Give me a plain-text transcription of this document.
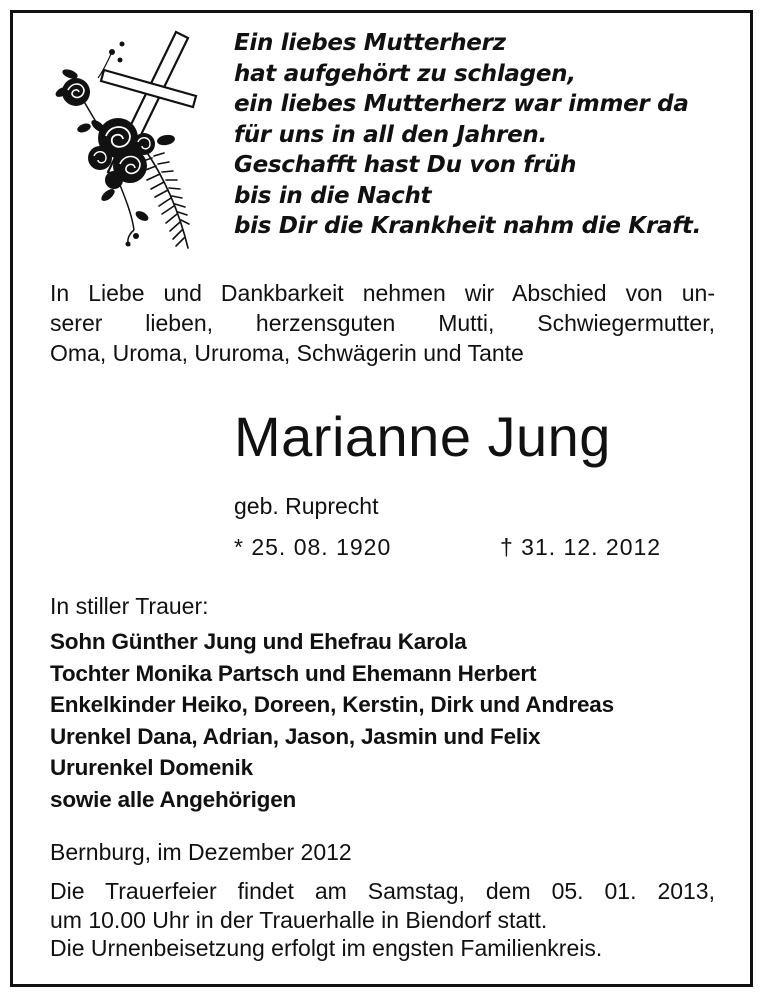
Ein liebes Mutterherz
hat aufgehört zu schlagen,
ein liebes Mutterherz war immer da
für uns in all den Jahren.
Geschafft hast Du von früh
bis in die Nacht
bis Dir die Krankheit nahm die Kraft.
In Liebe und Dankbarkeit nehmen wir Abschied von un-
serer lieben, herzensguten Mutti, Schwiegermutter,
Oma, Uroma, Ururoma, Schwägerin und Tante
Marianne Jung
geb. Ruprecht
* 25. 08. 1920	† 31. 12. 2012
In stiller Trauer:
Sohn Günther Jung und Ehefrau Karola
Tochter Monika Partsch und Ehemann Herbert
Enkelkinder Heiko, Doreen, Kerstin, Dirk und Andreas
Urenkel Dana, Adrian, Jason, Jasmin und Felix
Ururenkel Domenik
sowie alle Angehörigen
Bernburg, im Dezember 2012
Die Trauerfeier findet am Samstag, dem 05. 01. 2013,
um 10.00 Uhr in der Trauerhalle in Biendorf statt.
Die Urnenbeisetzung erfolgt im engsten Familienkreis.
